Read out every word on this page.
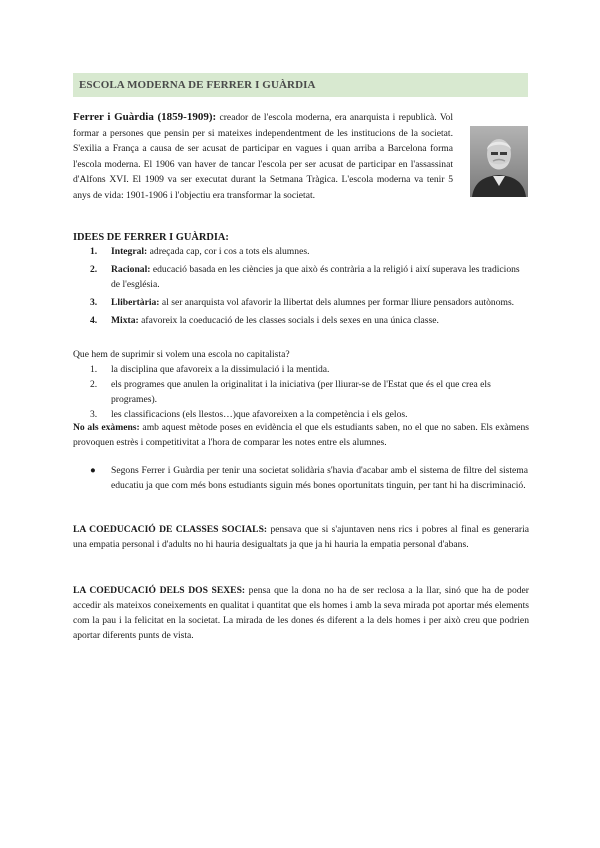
ESCOLA MODERNA DE FERRER I GUÀRDIA
Ferrer i Guàrdia (1859-1909): creador de l'escola moderna, era anarquista i republicà. Vol formar a persones que pensin per si mateixes independentment de les institucions de la societat. S'exilia a França a causa de ser acusat de participar en vagues i quan arriba a Barcelona forma l'escola moderna. El 1906 van haver de tancar l'escola per ser acusat de participar en l'assassinat d'Alfons XVI. El 1909 va ser executat durant la Setmana Tràgica. L'escola moderna va tenir 5 anys de vida: 1901-1906 i l'objectiu era transformar la societat.
IDEES DE FERRER I GUÀRDIA:
1. Integral: adreçada cap, cor i cos a tots els alumnes.
2. Racional: educació basada en les ciències ja que això és contrària a la religió i així superava les tradicions de l'església.
3. Llibertària: al ser anarquista vol afavorir la llibertat dels alumnes per formar lliure pensadors autònoms.
4. Mixta: afavoreix la coeducació de les classes socials i dels sexes en una única classe.
Que hem de suprimir si volem una escola no capitalista?
1. la disciplina que afavoreix a la dissimulació i la mentida.
2. els programes que anulen la originalitat i la iniciativa (per lliurar-se de l'Estat que és el que crea els programes).
3. les classificacions (els llestos…)que afavoreixen a la competència i els gelos.
No als exàmens: amb aquest mètode poses en evidència el que els estudiants saben, no el que no saben. Els exàmens provoquen estrès i competitivitat a l'hora de comparar les notes entre els alumnes.
● Segons Ferrer i Guàrdia per tenir una societat solidària s'havia d'acabar amb el sistema de filtre del sistema educatiu ja que com més bons estudiants siguin més bones oportunitats tinguin, per tant hi ha discriminació.
LA COEDUCACIÓ DE CLASSES SOCIALS: pensava que si s'ajuntaven nens rics i pobres al final es generaria una empatia personal i d'adults no hi hauria desigualtats ja que ja hi hauria la empatia personal d'abans.
LA COEDUCACIÓ DELS DOS SEXES: pensa que la dona no ha de ser reclosa a la llar, sinó que ha de poder accedir als mateixos coneixements en qualitat i quantitat que els homes i amb la seva mirada pot aportar més elements com la pau i la felicitat en la societat. La mirada de les dones és diferent a la dels homes i per això creu que podrien aportar diferents punts de vista.
